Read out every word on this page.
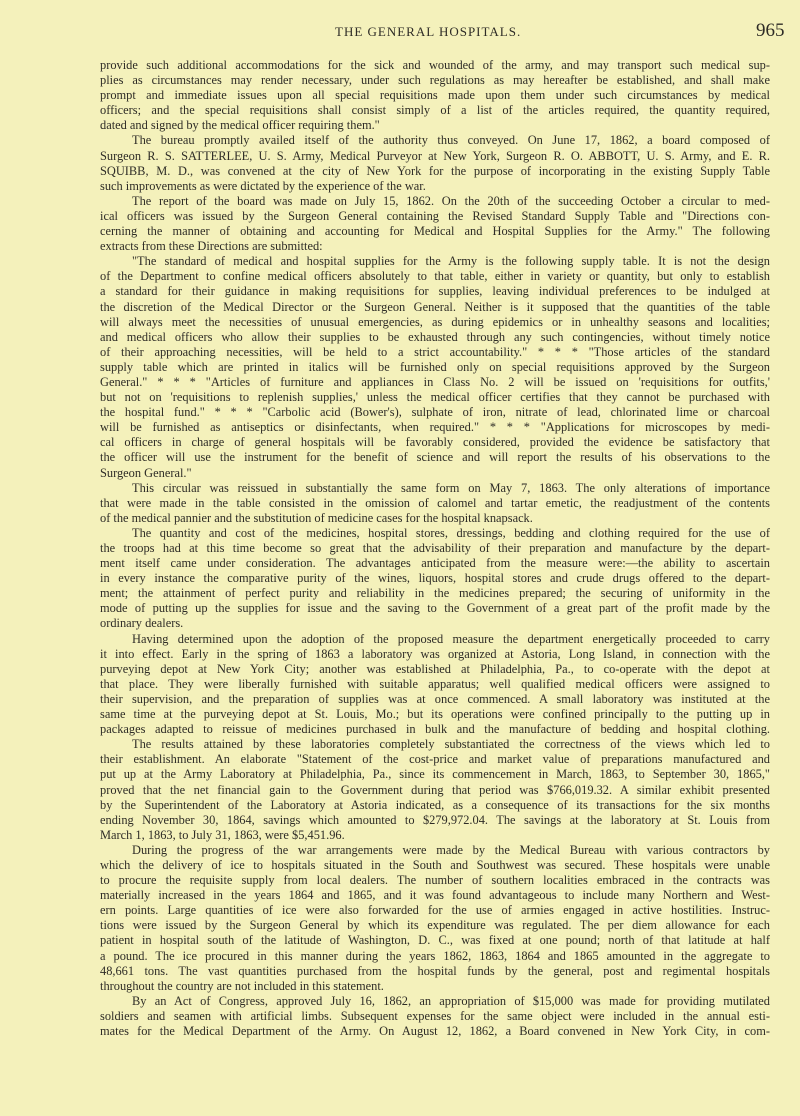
THE GENERAL HOSPITALS.	965
provide such additional accommodations for the sick and wounded of the army, and may transport such medical sup-
plies as circumstances may render necessary, under such regulations as may hereafter be established, and shall make
prompt and immediate issues upon all special requisitions made upon them under such circumstances by medical
officers; and the special requisitions shall consist simply of a list of the articles required, the quantity required,
dated and signed by the medical officer requiring them."
The bureau promptly availed itself of the authority thus conveyed. On June 17, 1862, a board composed of
Surgeon R. S. SATTERLEE, U. S. Army, Medical Purveyor at New York, Surgeon R. O. ABBOTT, U. S. Army, and E. R.
SQUIBB, M. D., was convened at the city of New York for the purpose of incorporating in the existing Supply Table
such improvements as were dictated by the experience of the war.
The report of the board was made on July 15, 1862. On the 20th of the succeeding October a circular to med-
ical officers was issued by the Surgeon General containing the Revised Standard Supply Table and "Directions con-
cerning the manner of obtaining and accounting for Medical and Hospital Supplies for the Army." The following
extracts from these Directions are submitted:
"The standard of medical and hospital supplies for the Army is the following supply table. It is not the design
of the Department to confine medical officers absolutely to that table, either in variety or quantity, but only to establish
a standard for their guidance in making requisitions for supplies, leaving individual preferences to be indulged at
the discretion of the Medical Director or the Surgeon General. Neither is it supposed that the quantities of the table
will always meet the necessities of unusual emergencies, as during epidemics or in unhealthy seasons and localities;
and medical officers who allow their supplies to be exhausted through any such contingencies, without timely notice
of their approaching necessities, will be held to a strict accountability." * * * "Those articles of the standard
supply table which are printed in italics will be furnished only on special requisitions approved by the Surgeon
General." * * * "Articles of furniture and appliances in Class No. 2 will be issued on 'requisitions for outfits,'
but not on 'requisitions to replenish supplies,' unless the medical officer certifies that they cannot be purchased with
the hospital fund." * * * "Carbolic acid (Bower's), sulphate of iron, nitrate of lead, chlorinated lime or charcoal
will be furnished as antiseptics or disinfectants, when required." * * * "Applications for microscopes by medi-
cal officers in charge of general hospitals will be favorably considered, provided the evidence be satisfactory that
the officer will use the instrument for the benefit of science and will report the results of his observations to the
Surgeon General."
This circular was reissued in substantially the same form on May 7, 1863. The only alterations of importance
that were made in the table consisted in the omission of calomel and tartar emetic, the readjustment of the contents
of the medical pannier and the substitution of medicine cases for the hospital knapsack.
The quantity and cost of the medicines, hospital stores, dressings, bedding and clothing required for the use of
the troops had at this time become so great that the advisability of their preparation and manufacture by the depart-
ment itself came under consideration. The advantages anticipated from the measure were:—the ability to ascertain
in every instance the comparative purity of the wines, liquors, hospital stores and crude drugs offered to the depart-
ment; the attainment of perfect purity and reliability in the medicines prepared; the securing of uniformity in the
mode of putting up the supplies for issue and the saving to the Government of a great part of the profit made by the
ordinary dealers.
Having determined upon the adoption of the proposed measure the department energetically proceeded to carry
it into effect. Early in the spring of 1863 a laboratory was organized at Astoria, Long Island, in connection with the
purveying depot at New York City; another was established at Philadelphia, Pa., to co-operate with the depot at
that place. They were liberally furnished with suitable apparatus; well qualified medical officers were assigned to
their supervision, and the preparation of supplies was at once commenced. A small laboratory was instituted at the
same time at the purveying depot at St. Louis, Mo.; but its operations were confined principally to the putting up in
packages adapted to reissue of medicines purchased in bulk and the manufacture of bedding and hospital clothing.
The results attained by these laboratories completely substantiated the correctness of the views which led to
their establishment. An elaborate "Statement of the cost-price and market value of preparations manufactured and
put up at the Army Laboratory at Philadelphia, Pa., since its commencement in March, 1863, to September 30, 1865,"
proved that the net financial gain to the Government during that period was $766,019.32. A similar exhibit presented
by the Superintendent of the Laboratory at Astoria indicated, as a consequence of its transactions for the six months
ending November 30, 1864, savings which amounted to $279,972.04. The savings at the laboratory at St. Louis from
March 1, 1863, to July 31, 1863, were $5,451.96.
During the progress of the war arrangements were made by the Medical Bureau with various contractors by
which the delivery of ice to hospitals situated in the South and Southwest was secured. These hospitals were unable
to procure the requisite supply from local dealers. The number of southern localities embraced in the contracts was
materially increased in the years 1864 and 1865, and it was found advantageous to include many Northern and West-
ern points. Large quantities of ice were also forwarded for the use of armies engaged in active hostilities. Instruc-
tions were issued by the Surgeon General by which its expenditure was regulated. The per diem allowance for each
patient in hospital south of the latitude of Washington, D. C., was fixed at one pound; north of that latitude at half
a pound. The ice procured in this manner during the years 1862, 1863, 1864 and 1865 amounted in the aggregate to
48,661 tons. The vast quantities purchased from the hospital funds by the general, post and regimental hospitals
throughout the country are not included in this statement.
By an Act of Congress, approved July 16, 1862, an appropriation of $15,000 was made for providing mutilated
soldiers and seamen with artificial limbs. Subsequent expenses for the same object were included in the annual esti-
mates for the Medical Department of the Army. On August 12, 1862, a Board convened in New York City, in com-
